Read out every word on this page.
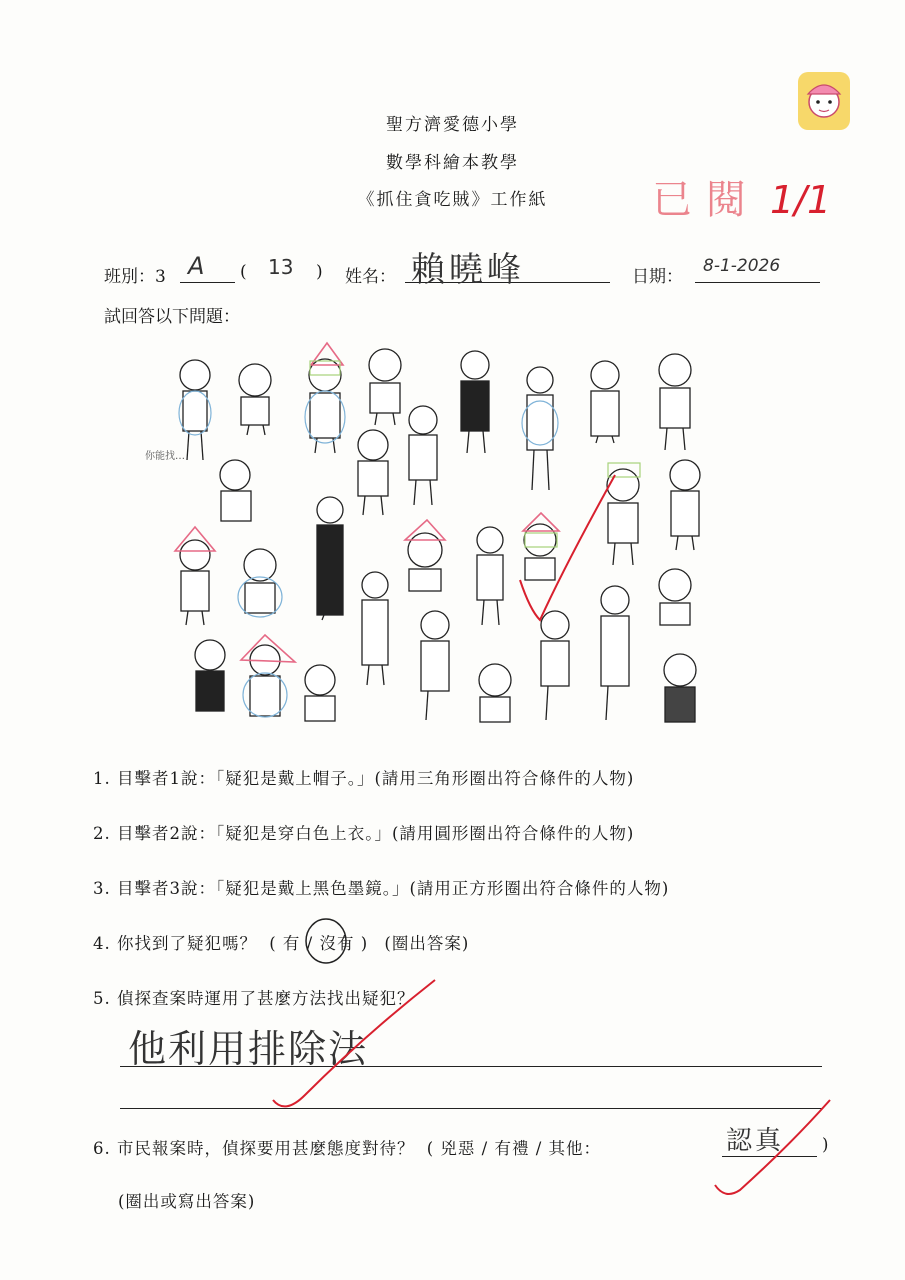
聖方濟愛德小學
數學科繪本教學
《抓住貪吃賊》工作紙	已閱 1/1
班別：3 A ( 13 ) 姓名： 賴曉峰	日期：
8-1-2026
試回答以下問題：
你能找…
1. 目擊者1說：「疑犯是戴上帽子。」(請用三角形圈出符合條件的人物)
2. 目擊者2說：「疑犯是穿白色上衣。」(請用圓形圈出符合條件的人物)
3. 目擊者3說：「疑犯是戴上黑色墨鏡。」(請用正方形圈出符合條件的人物)
4. 你找到了疑犯嗎？ ( 有 / 沒有 ) (圈出答案)
5. 偵探查案時運用了甚麼方法找出疑犯？
他利用排除法
6. 市民報案時，偵探要用甚麼態度對待？ ( 兇惡 / 有禮 / 其他：	認真 )
(圈出或寫出答案)
